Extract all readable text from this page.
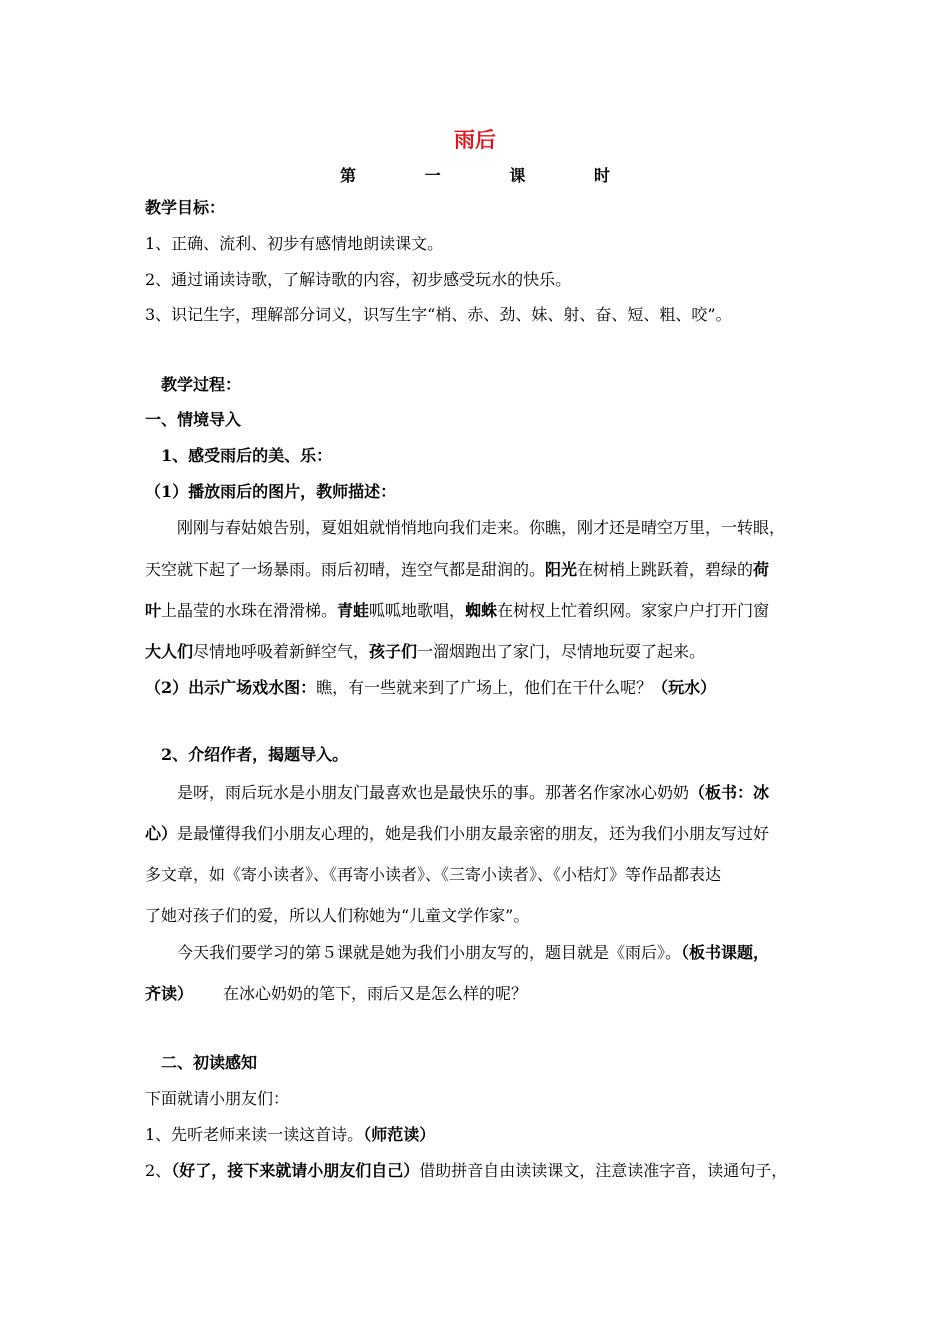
雨后
第	一	课	时
教学目标：
1、正确、流利、初步有感情地朗读课文。
2、通过诵读诗歌，了解诗歌的内容，初步感受玩水的快乐。
3、识记生字，理解部分词义，识写生字“梢、赤、劲、妹、射、奋、短、粗、咬”。
教学过程：
一、情境导入
1、感受雨后的美、乐：
（1）播放雨后的图片，教师描述：
刚刚与春姑娘告别，夏姐姐就悄悄地向我们走来。你瞧，刚才还是晴空万里，一转眼，
天空就下起了一场暴雨。雨后初晴，连空气都是甜润的。阳光在树梢上跳跃着，碧绿的荷
叶上晶莹的水珠在滑滑梯。青蛙呱呱地歌唱，蜘蛛在树杈上忙着织网。家家户户打开门窗
大人们尽情地呼吸着新鲜空气，孩子们一溜烟跑出了家门，尽情地玩耍了起来。
（2）出示广场戏水图：瞧，有一些就来到了广场上，他们在干什么呢？（玩水）
2、介绍作者，揭题导入。
是呀，雨后玩水是小朋友门最喜欢也是最快乐的事。那著名作家冰心奶奶（板书：冰
心）是最懂得我们小朋友心理的，她是我们小朋友最亲密的朋友，还为我们小朋友写过好
多文章，如《寄小读者》、《再寄小读者》、《三寄小读者》、《小桔灯》等作品都表达
了她对孩子们的爱，所以人们称她为“儿童文学作家”。
今天我们要学习的第５课就是她为我们小朋友写的，题目就是《雨后》。（板书课题，
齐读） 在冰心奶奶的笔下，雨后又是怎么样的呢？
二、初读感知
下面就请小朋友们：
1、先听老师来读一读这首诗。（师范读）
2、（好了，接下来就请小朋友们自己）借助拼音自由读读课文，注意读准字音，读通句子，
